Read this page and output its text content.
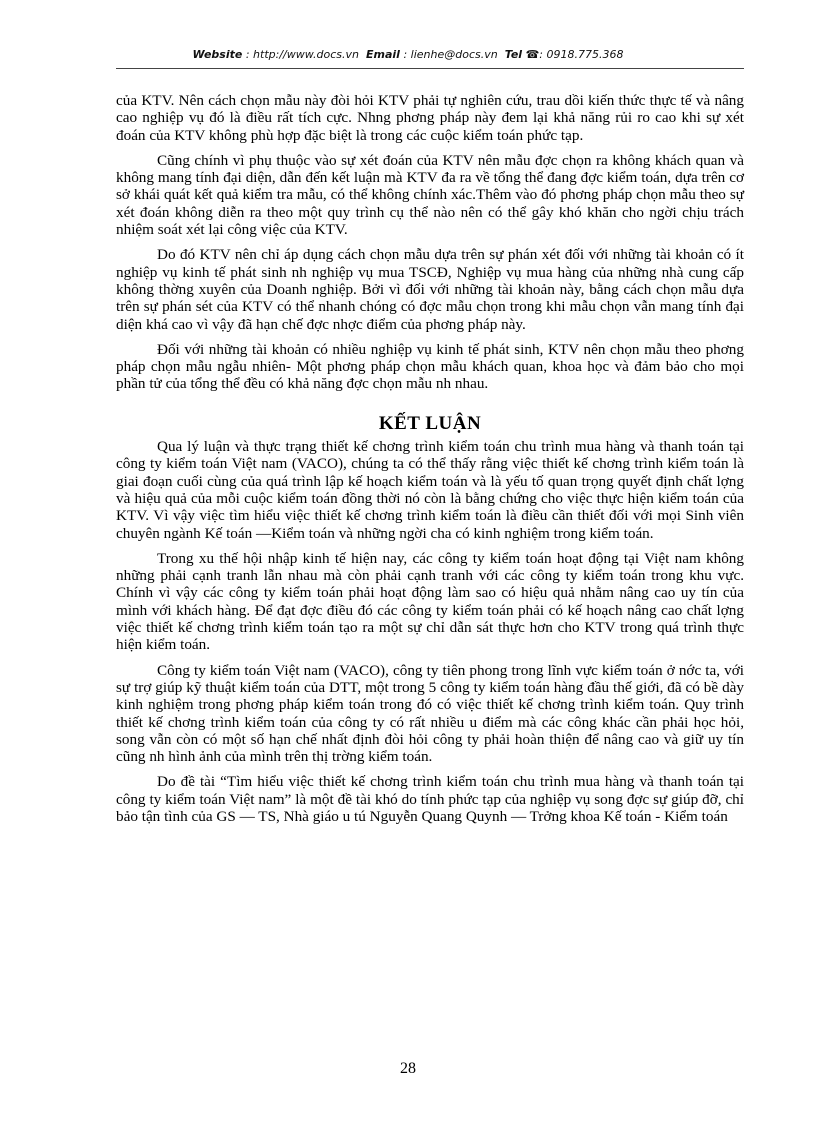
Website : http://www.docs.vn Email : lienhe@docs.vn Tel ☎: 0918.775.368

của KTV. Nên cách chọn mẫu này đòi hỏi KTV phải tự nghiên cứu, trau dồi kiến thức thực tế và nâng cao nghiệp vụ đó là điều rất tích cực. Nhng phơng pháp này đem lại khả năng rủi ro cao khi sự xét đoán của KTV không phù hợp đặc biệt là trong các cuộc kiểm toán phức tạp.

Cũng chính vì phụ thuộc vào sự xét đoán của KTV nên mẫu đợc chọn ra không khách quan và không mang tính đại diện, dẫn đến kết luận mà KTV đa ra về tổng thể đang đợc kiểm toán, dựa trên cơ sở khái quát kết quả kiểm tra mẫu, có thể không chính xác.Thêm vào đó phơng pháp chọn mẫu theo sự xét đoán không diễn ra theo một quy trình cụ thể nào nên có thể gây khó khăn cho ngời chịu trách nhiệm soát xét lại công việc của KTV.

Do đó KTV nên chỉ áp dụng cách chọn mẫu dựa trên sự phán xét đối với những tài khoản có ít nghiệp vụ kinh tế phát sinh nh nghiệp vụ mua TSCĐ, Nghiệp vụ mua hàng của những nhà cung cấp không thờng xuyên của Doanh nghiệp. Bởi vì đối với những tài khoản này, bằng cách chọn mẫu dựa trên sự phán sét của KTV có thể nhanh chóng có đợc mẫu chọn trong khi mẫu chọn vẫn mang tính đại diện khá cao vì vậy đã hạn chế đợc nhợc điểm của phơng pháp này.

Đối với những tài khoản có nhiều nghiệp vụ kinh tế phát sinh, KTV nên chọn mẫu theo phơng pháp chọn mẫu ngẫu nhiên- Một phơng pháp chọn mẫu khách quan, khoa học và đảm bảo cho mọi phần tử của tổng thể đều có khả năng đợc chọn mẫu nh nhau.

KẾT LUẬN

Qua lý luận và thực trạng thiết kế chơng trình kiểm toán chu trình mua hàng và thanh toán tại công ty kiểm toán Việt nam (VACO), chúng ta có thể thấy rằng việc thiết kế chơng trình kiểm toán là giai đoạn cuối cùng của quá trình lập kế hoạch kiểm toán và là yếu tố quan trọng quyết định chất lợng và hiệu quả của mỗi cuộc kiểm toán đồng thời nó còn là bằng chứng cho việc thực hiện kiểm toán của KTV. Vì vậy việc tìm hiểu việc thiết kế chơng trình kiểm toán là điều cần thiết đối với mọi Sinh viên chuyên ngành Kế toán —Kiểm toán và những ngời cha có kinh nghiệm trong kiểm toán.

Trong xu thế hội nhập kinh tế hiện nay, các công ty kiểm toán hoạt động tại Việt nam không những phải cạnh tranh lẫn nhau mà còn phải cạnh tranh với các công ty kiểm toán trong khu vực. Chính vì vậy các công ty kiểm toán phải hoạt động làm sao có hiệu quả nhằm nâng cao uy tín của mình với khách hàng. Để đạt đợc điều đó các công ty kiểm toán phải có kế hoạch nâng cao chất lợng việc thiết kế chơng trình kiểm toán tạo ra một sự chỉ dẫn sát thực hơn cho KTV trong quá trình thực hiện kiểm toán.

Công ty kiểm toán Việt nam (VACO), công ty tiên phong trong lĩnh vực kiểm toán ở nớc ta, với sự trợ giúp kỹ thuật kiểm toán của DTT, một trong 5 công ty kiểm toán hàng đầu thế giới, đã có bề dày kinh nghiệm trong phơng pháp kiểm toán trong đó có việc thiết kế chơng trình kiểm toán. Quy trình thiết kế chơng trình kiểm toán của công ty có rất nhiều u điểm mà các công khác cần phải học hỏi, song vẫn còn có một số hạn chế nhất định đòi hỏi công ty phải hoàn thiện để nâng cao và giữ uy tín cũng nh hình ảnh của mình trên thị trờng kiểm toán.

Do đề tài “Tìm hiểu việc thiết kế chơng trình kiểm toán chu trình mua hàng và thanh toán tại công ty kiểm toán Việt nam” là một đề tài khó do tính phức tạp của nghiệp vụ song đợc sự giúp đỡ, chỉ bảo tận tình của GS — TS, Nhà giáo u tú Nguyễn Quang Quynh — Trởng khoa Kế toán - Kiểm toán

28
